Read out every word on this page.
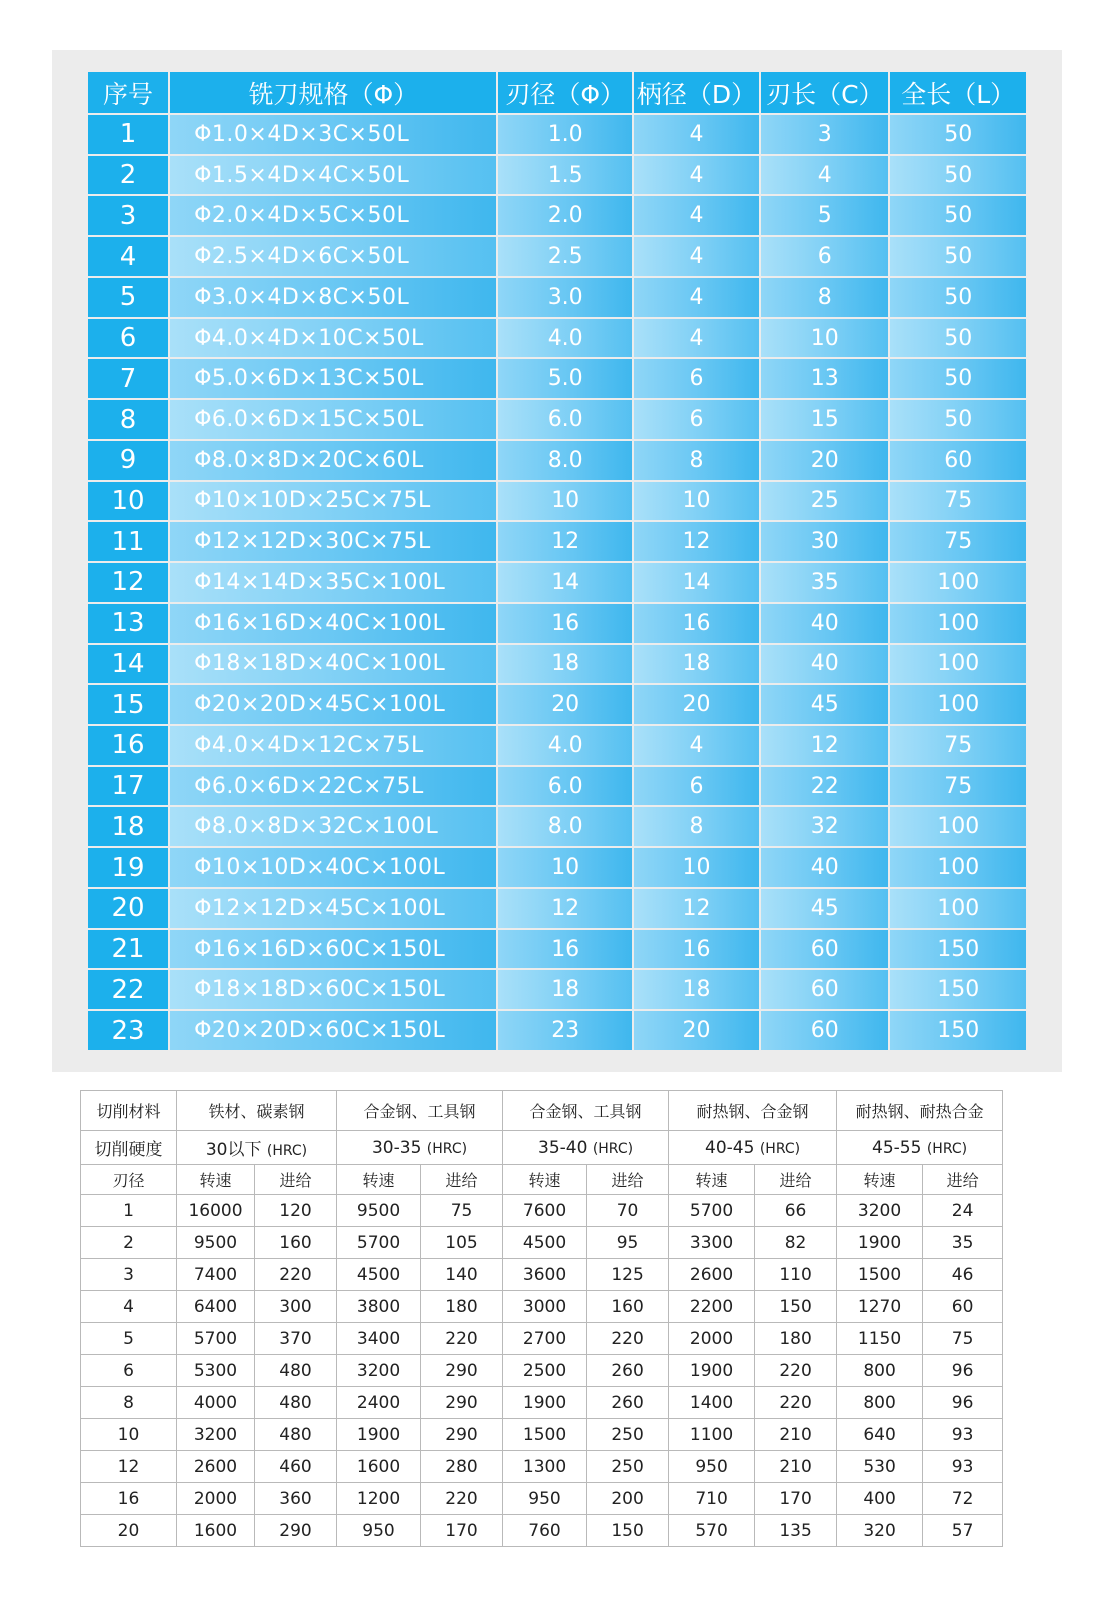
序号	铣刀规格（Φ）	刃径（Φ）	柄径（D）	刃长（C）	全长（L）
1	Φ1.0×4D×3C×50L	1.0	4	3	50
2	Φ1.5×4D×4C×50L	1.5	4	4	50
3	Φ2.0×4D×5C×50L	2.0	4	5	50
4	Φ2.5×4D×6C×50L	2.5	4	6	50
5	Φ3.0×4D×8C×50L	3.0	4	8	50
6	Φ4.0×4D×10C×50L	4.0	4	10	50
7	Φ5.0×6D×13C×50L	5.0	6	13	50
8	Φ6.0×6D×15C×50L	6.0	6	15	50
9	Φ8.0×8D×20C×60L	8.0	8	20	60
10	Φ10×10D×25C×75L	10	10	25	75
11	Φ12×12D×30C×75L	12	12	30	75
12	Φ14×14D×35C×100L	14	14	35	100
13	Φ16×16D×40C×100L	16	16	40	100
14	Φ18×18D×40C×100L	18	18	40	100
15	Φ20×20D×45C×100L	20	20	45	100
16	Φ4.0×4D×12C×75L	4.0	4	12	75
17	Φ6.0×6D×22C×75L	6.0	6	22	75
18	Φ8.0×8D×32C×100L	8.0	8	32	100
19	Φ10×10D×40C×100L	10	10	40	100
20	Φ12×12D×45C×100L	12	12	45	100
21	Φ16×16D×60C×150L	16	16	60	150
22	Φ18×18D×60C×150L	18	18	60	150
23	Φ20×20D×60C×150L	23	20	60	150
切削材料	铁材、碳素钢		合金钢、工具钢		合金钢、工具钢		耐热钢、合金钢		耐热钢、耐热合金	
切削硬度	30以下 (HRC)		30-35 (HRC)		35-40 (HRC)		40-45 (HRC)		45-55 (HRC)	
刃径	转速	进给	转速	进给	转速	进给	转速	进给	转速	进给
1	16000	120	9500	75	7600	70	5700	66	3200	24
2	9500	160	5700	105	4500	95	3300	82	1900	35
3	7400	220	4500	140	3600	125	2600	110	1500	46
4	6400	300	3800	180	3000	160	2200	150	1270	60
5	5700	370	3400	220	2700	220	2000	180	1150	75
6	5300	480	3200	290	2500	260	1900	220	800	96
8	4000	480	2400	290	1900	260	1400	220	800	96
10	3200	480	1900	290	1500	250	1100	210	640	93
12	2600	460	1600	280	1300	250	950	210	530	93
16	2000	360	1200	220	950	200	710	170	400	72
20	1600	290	950	170	760	150	570	135	320	57
